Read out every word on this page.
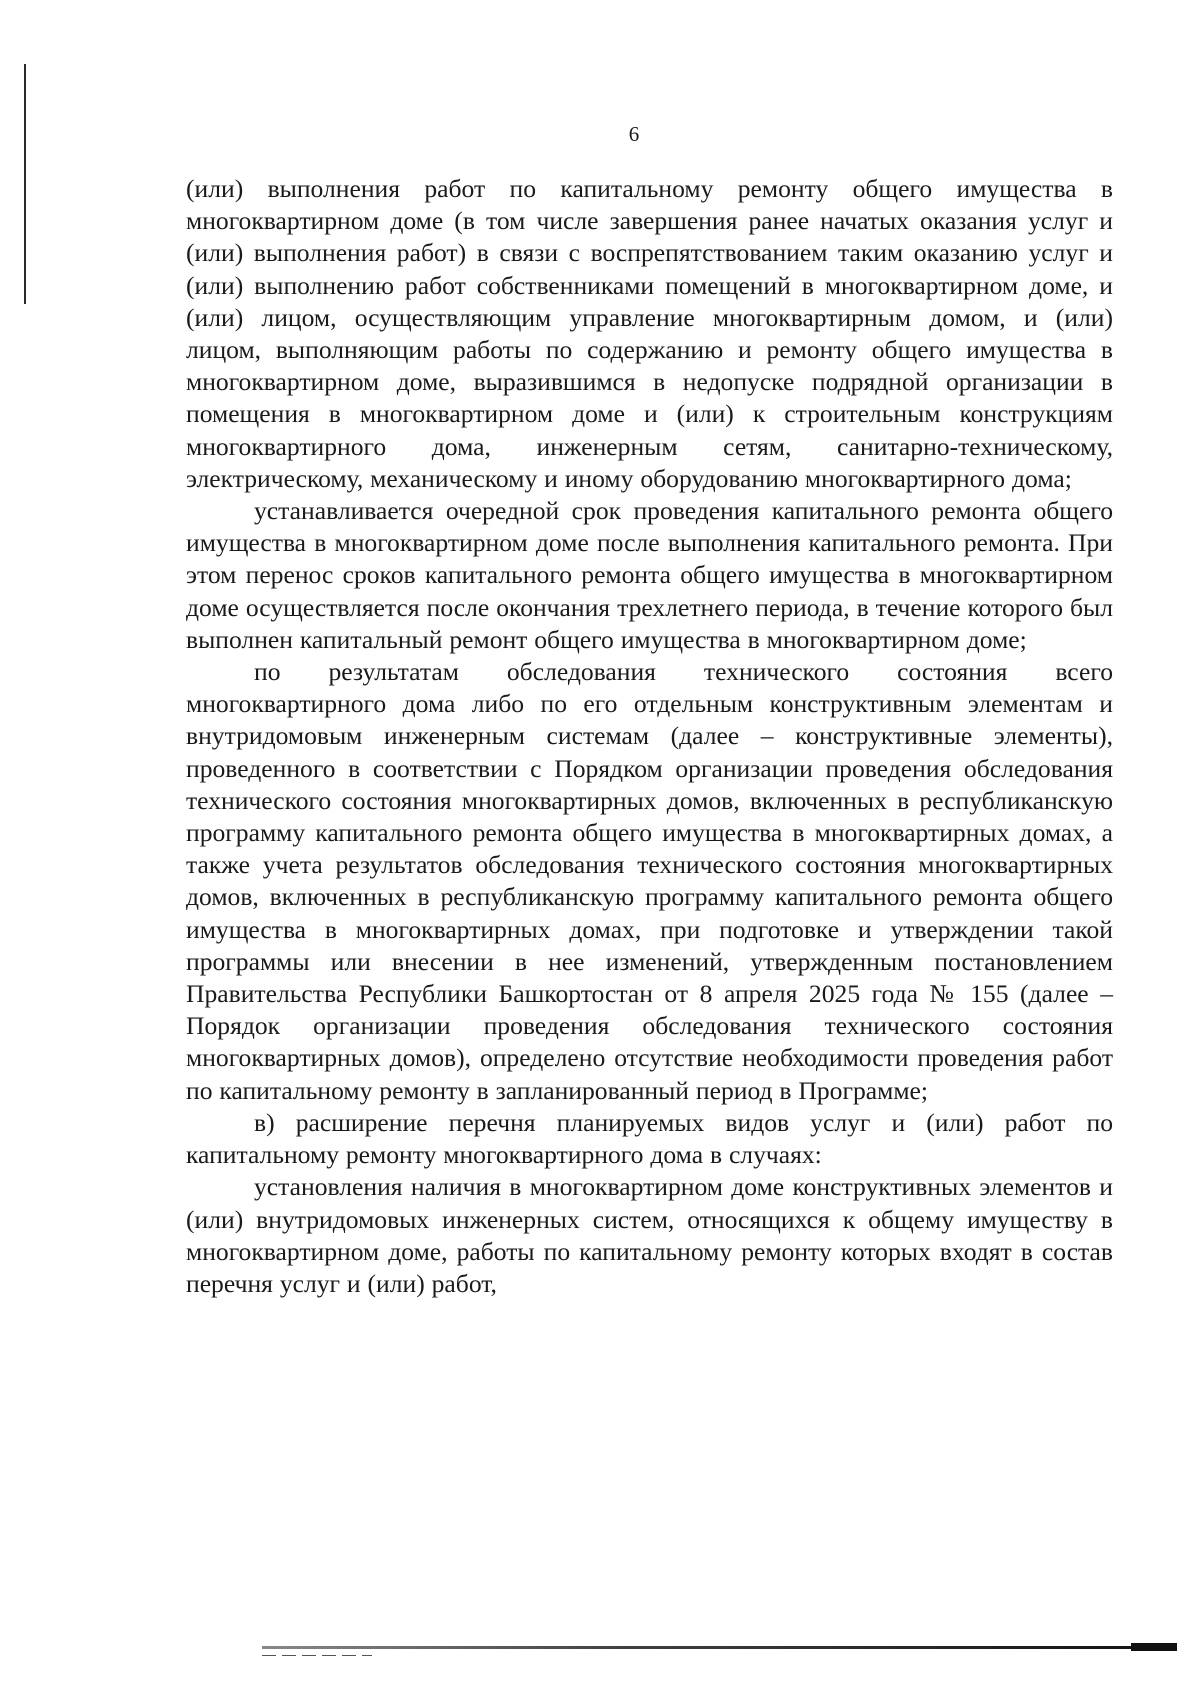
6

(или) выполнения работ по капитальному ремонту общего имущества в многоквартирном доме (в том числе завершения ранее начатых оказания услуг и (или) выполнения работ) в связи с воспрепятствованием таким оказанию услуг и (или) выполнению работ собственниками помещений в многоквартирном доме, и (или) лицом, осуществляющим управление многоквартирным домом, и (или) лицом, выполняющим работы по содержанию и ремонту общего имущества в многоквартирном доме, выразившимся в недопуске подрядной организации в помещения в многоквартирном доме и (или) к строительным конструкциям многоквартирного дома, инженерным сетям, санитарно-техническому, электрическому, механическому и иному оборудованию многоквартирного дома;

устанавливается очередной срок проведения капитального ремонта общего имущества в многоквартирном доме после выполнения капитального ремонта. При этом перенос сроков капитального ремонта общего имущества в многоквартирном доме осуществляется после окончания трехлетнего периода, в течение которого был выполнен капитальный ремонт общего имущества в многоквартирном доме;

по результатам обследования технического состояния всего многоквартирного дома либо по его отдельным конструктивным элементам и внутридомовым инженерным системам (далее – конструктивные элементы), проведенного в соответствии с Порядком организации проведения обследования технического состояния многоквартирных домов, включенных в республиканскую программу капитального ремонта общего имущества в многоквартирных домах, а также учета результатов обследования технического состояния многоквартирных домов, включенных в республиканскую программу капитального ремонта общего имущества в многоквартирных домах, при подготовке и утверждении такой программы или внесении в нее изменений, утвержденным постановлением Правительства Республики Башкортостан от 8 апреля 2025 года № 155 (далее – Порядок организации проведения обследования технического состояния многоквартирных домов), определено отсутствие необходимости проведения работ по капитальному ремонту в запланированный период в Программе;

в) расширение перечня планируемых видов услуг и (или) работ по капитальному ремонту многоквартирного дома в случаях:

установления наличия в многоквартирном доме конструктивных элементов и (или) внутридомовых инженерных систем, относящихся к общему имуществу в многоквартирном доме, работы по капитальному ремонту которых входят в состав перечня услуг и (или) работ,
